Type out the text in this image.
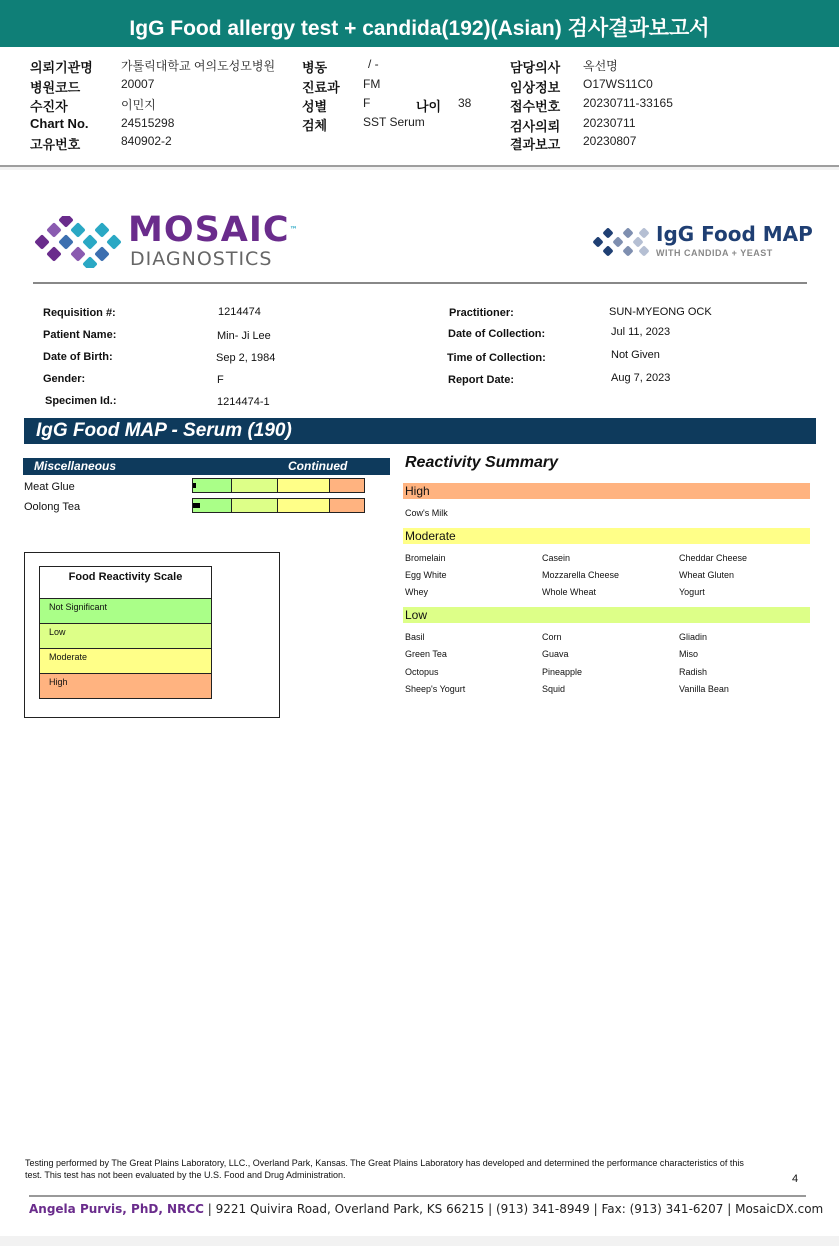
IgG Food allergy test + candida(192)(Asian) 검사결과보고서
의뢰기관명 가톨릭대학교 여의도성모병원
병원코드	20007
수진자	이민지
Chart No.	24515298
고유번호	840902-2
병동	/ -
진료과 FM
성별	F	나이 38
검체	SST Serum
담당의사 옥선명
임상정보 O17WS11C0
접수번호 20230711-33165
검사의뢰 20230711
결과보고 20230807
MOSAIC™
DIAGNOSTICS
IgG Food MAP
WITH CANDIDA + YEAST
Requisition #:	1214474
Patient Name:	Min- Ji Lee
Date of Birth:	Sep 2, 1984
Gender:	F
Specimen Id.:	1214474-1
Practitioner:	SUN-MYEONG OCK
Date of Collection:	Jul 11, 2023
Time of Collection:	Not Given
Report Date:	Aug 7, 2023
IgG Food MAP - Serum (190)
Miscellaneous	Continued
Meat Glue
Oolong Tea
Food Reactivity Scale
Not Significant
Low
Moderate
High
Reactivity Summary
High
Cow's Milk
Moderate
Bromelain	Casein	Cheddar Cheese
Egg White	Mozzarella Cheese	Wheat Gluten
Whey	Whole Wheat	Yogurt
Low
Basil	Corn	Gliadin
Green Tea	Guava	Miso
Octopus	Pineapple	Radish
Sheep's Yogurt	Squid	Vanilla Bean
Testing performed by The Great Plains Laboratory, LLC., Overland Park, Kansas. The Great Plains Laboratory has developed and determined the performance characteristics of this test. This test has not been evaluated by the U.S. Food and Drug Administration.	4
Angela Purvis, PhD, NRCC | 9221 Quivira Road, Overland Park, KS 66215 | (913) 341-8949 | Fax: (913) 341-6207 | MosaicDX.com
